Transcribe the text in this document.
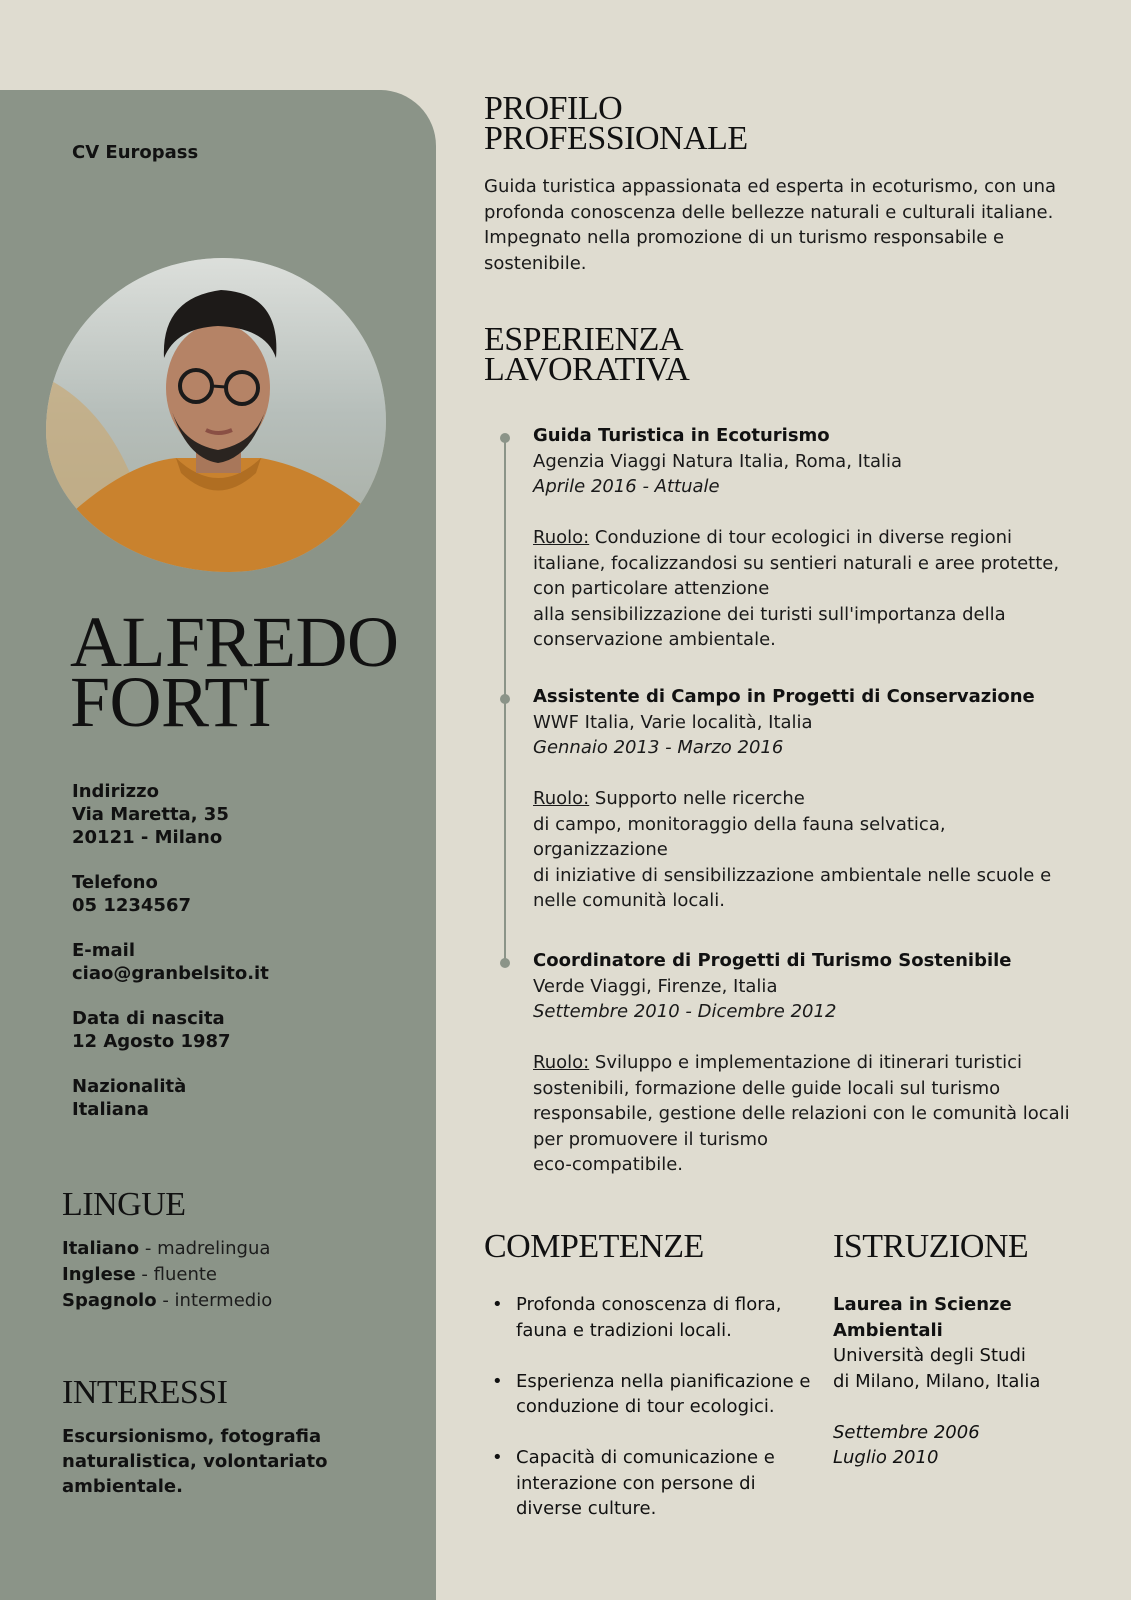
CV Europass
ALFREDO
FORTI
Indirizzo
Via Maretta, 35
20121 - Milano
Telefono
05 1234567
E-mail
ciao@granbelsito.it
Data di nascita
12 Agosto 1987
Nazionalità
Italiana
LINGUE
Italiano - madrelingua
Inglese - fluente
Spagnolo - intermedio
INTERESSI
Escursionismo, fotografia naturalistica, volontariato ambientale.
PROFILO
PROFESSIONALE
Guida turistica appassionata ed esperta in ecoturismo, con una profonda conoscenza delle bellezze naturali e culturali italiane. Impegnato nella promozione di un turismo responsabile e sostenibile.
ESPERIENZA
LAVORATIVA
Guida Turistica in Ecoturismo
Agenzia Viaggi Natura Italia, Roma, Italia
Aprile 2016 - Attuale
Ruolo: Conduzione di tour ecologici in diverse regioni
italiane, focalizzandosi su sentieri naturali e aree protette,
con particolare attenzione
alla sensibilizzazione dei turisti sull'importanza della
conservazione ambientale.
Assistente di Campo in Progetti di Conservazione
WWF Italia, Varie località, Italia
Gennaio 2013 - Marzo 2016
Ruolo: Supporto nelle ricerche
di campo, monitoraggio della fauna selvatica,
organizzazione
di iniziative di sensibilizzazione ambientale nelle scuole e
nelle comunità locali.
Coordinatore di Progetti di Turismo Sostenibile
Verde Viaggi, Firenze, Italia
Settembre 2010 - Dicembre 2012
Ruolo: Sviluppo e implementazione di itinerari turistici
sostenibili, formazione delle guide locali sul turismo
responsabile, gestione delle relazioni con le comunità locali
per promuovere il turismo
eco-compatibile.
COMPETENZE
• Profonda conoscenza di flora, fauna e tradizioni locali.
• Esperienza nella pianificazione e conduzione di tour ecologici.
• Capacità di comunicazione e interazione con persone di diverse culture.
ISTRUZIONE
Laurea in Scienze
Ambientali
Università degli Studi
di Milano, Milano, Italia
Settembre 2006
Luglio 2010
